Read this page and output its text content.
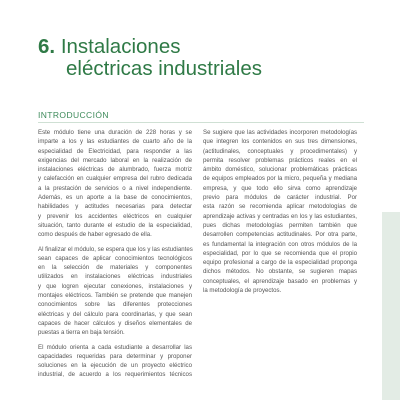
6. Instalaciones
eléctricas industriales
INTRODUCCIÓN

Este módulo tiene una duración de 228 horas y se
imparte a los y las estudiantes de cuarto año de la
especialidad de Electricidad, para responder a las
exigencias del mercado laboral en la realización de
instalaciones eléctricas de alumbrado, fuerza motriz
y calefacción en cualquier empresa del rubro dedicada
a la prestación de servicios o a nivel independiente.
Además, es un aporte a la base de conocimientos,
habilidades y actitudes necesarias para detectar
y prevenir los accidentes eléctricos en cualquier
situación, tanto durante el estudio de la especialidad,
como después de haber egresado de ella.

Al finalizar el módulo, se espera que los y las estudiantes
sean capaces de aplicar conocimientos tecnológicos
en la selección de materiales y componentes
utilizados en instalaciones eléctricas industriales
y que logren ejecutar conexiones, instalaciones y
montajes eléctricos. También se pretende que manejen
conocimientos sobre las diferentes protecciones
eléctricas y del cálculo para coordinarlas, y que sean
capaces de hacer cálculos y diseños elementales de
puestas a tierra en baja tensión.

El módulo orienta a cada estudiante a desarrollar las
capacidades requeridas para determinar y proponer
soluciones en la ejecución de un proyecto eléctrico
industrial, de acuerdo a los requerimientos técnicos

Se sugiere que las actividades incorporen metodologías
que integren los contenidos en sus tres dimensiones,
(actitudinales, conceptuales y procedimentales) y
permita resolver problemas prácticos reales en el
ámbito doméstico, solucionar problemáticas prácticas
de equipos empleados por la micro, pequeña y mediana
empresa, y que todo ello sirva como aprendizaje
previo para módulos de carácter industrial. Por
esta razón se recomienda aplicar metodologías de
aprendizaje activas y centradas en los y las estudiantes,
pues dichas metodologías permiten también que
desarrollen competencias actitudinales. Por otra parte,
es fundamental la integración con otros módulos de la
especialidad, por lo que se recomienda que el propio
equipo profesional a cargo de la especialidad proponga
dichos métodos. No obstante, se sugieren mapas
conceptuales, el aprendizaje basado en problemas y
la metodología de proyectos.
